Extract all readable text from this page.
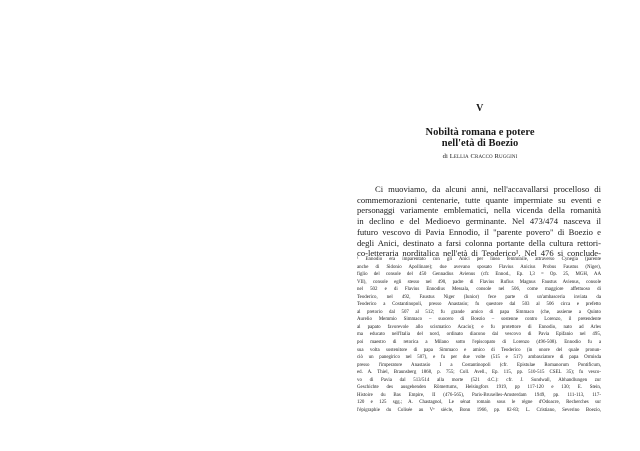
V
Nobiltà romana e potere
nell'età di Boezio
di Lellia Cracco Ruggini
Ci muoviamo, da alcuni anni, nell'accavallarsi procelloso di
commemorazioni centenarie, tutte quante impermiate su eventi e
personaggi variamente emblematici, nella vicenda della romanità
in declino e del Medioevo germinante. Nel 473/474 nasceva il
futuro vescovo di Pavia Ennodio, il "parente povero" di Boezio e
degli Anici, destinato a farsi colonna portante della cultura rettori-
co-letteraria norditalica nell'età di Teoderico¹. Nel 476 si conclude-
¹ Ennodio era imparentato con gli Anici per linea femminile, attraverso Cynegia (parente
anche di Sidonio Apollinare); due avevano sposato Flavius Anicius Probus Faustus (Niger),
figlio del console del 450 Gennadius Avienus (cfr. Ennod., Ep. I,3 = Op. 25, MGH, AA
VII), console egli stesso nel 490, padre di Flavius Rufius Magnus Faustus Avienus, console
nel 502 e di Flavius Ennodius Messala, console nel 506, come maggiore affettuoso di
Teoderico, nel 492, Faustus Niger (Iunior) fece parte di un'ambasceria inviata da
Teoderico a Costantinopoli, presso Anastasio; fu questore dal 503 al 506 circa e prefetto
al pretorio dal 507 al 512; fu grande amico di papa Simmaco (che, assieme a Quinto
Aurelio Memmio Simmaco – suocero di Boezio – sostenne contro Lorenzo, il pretendente
al papato favorevole allo scismatico Acacio); e fu protettore di Ennodio, nato ad Arles
ma educato nell'Italia del nord, ordinato diacono dal vescovo di Pavia Epifanio nel 495,
poi maestro di retorica a Milano sotto l'episcopato di Lorenzo (496-508). Ennodio fu a
sua volta sostenitore di papa Simmaco e amico di Teoderico (in onore del quale pronun-
ciò un panegirico nel 507), e fu per due volte (515 e 517) ambasciatore di papa Ormisda
presso l'imperatore Anastasio I a Costantinopoli (cfr. Epistulae Romanorum Pontificum,
ed. A. Thiel, Braunsberg 1868, p. 755; Coll. Avell., Ep. 115, pp. 510-515 CSEL 35); fu vesco-
vo di Pavia dal 513/514 alla morte (521 d.C.): cfr. J. Sundwall, Abhandlungen zur
Geschichte des ausgehenden Römertums, Helsingfors 1919, pp 117-120 e 130; E. Stein,
Histoire du Bas Empire, II (476-565), Paris-Bruxelles-Amsterdam 1949, pp. 111-113, 117-
120 e 125 sgg.; A. Chastagnol, Le sénat romain sous le règne d'Odoacre, Recherches sur
l'épigraphie du Colisée au Vᵉ siècle, Bonn 1966, pp. 82-83; L. Cristiano, Severino Boezio,
